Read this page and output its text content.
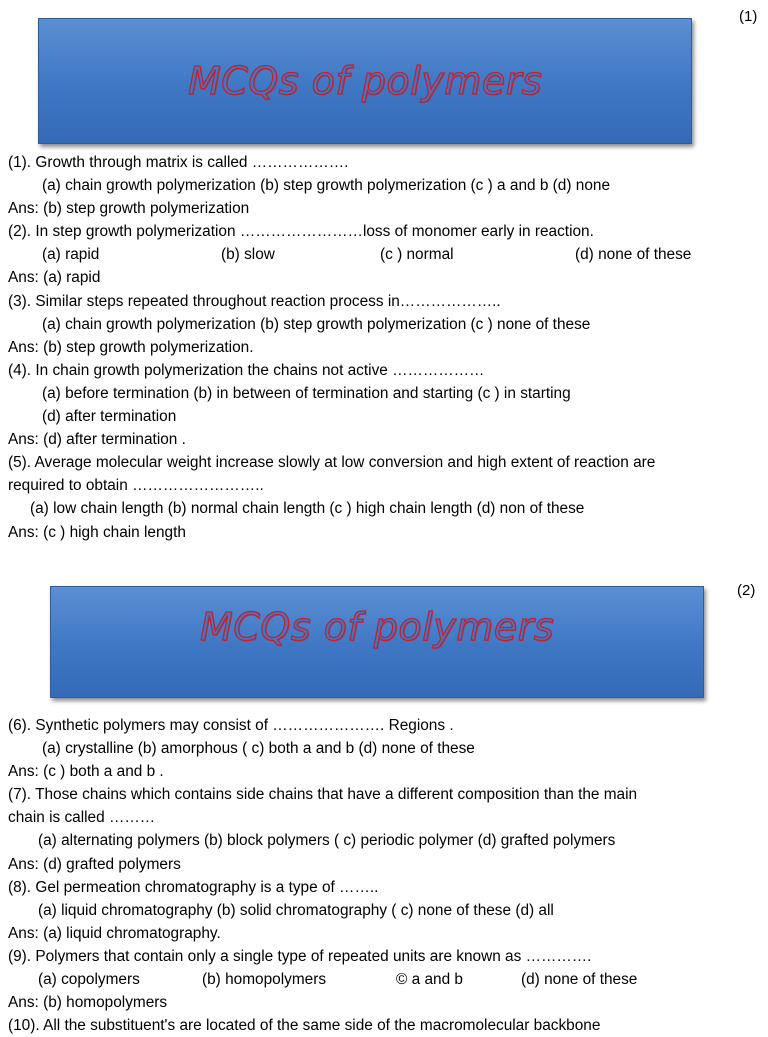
(1)
MCQs of polymers
(1). Growth through matrix is called ……………….
(a) chain growth polymerization (b) step growth polymerization (c ) a and b (d) none
Ans: (b) step growth polymerization
(2). In step growth polymerization ……………………loss of monomer early in reaction.
(a) rapid	(b) slow	(c ) normal	(d) none of these
Ans: (a) rapid
(3). Similar steps repeated throughout reaction process in………………..
(a) chain growth polymerization (b) step growth polymerization (c ) none of these
Ans: (b) step growth polymerization.
(4). In chain growth polymerization the chains not active ………………
(a) before termination (b) in between of termination and starting (c ) in starting
(d) after termination
Ans: (d) after termination .
(5). Average molecular weight increase slowly at low conversion and high extent of reaction are
required to obtain ……………………..
(a) low chain length (b) normal chain length (c ) high chain length (d) non of these
Ans: (c ) high chain length
(2)
MCQs of polymers
(6). Synthetic polymers may consist of …………………. Regions .
(a) crystalline (b) amorphous ( c) both a and b (d) none of these
Ans: (c ) both a and b .
(7). Those chains which contains side chains that have a different composition than the main
chain is called ………
(a) alternating polymers (b) block polymers ( c) periodic polymer (d) grafted polymers
Ans: (d) grafted polymers
(8). Gel permeation chromatography is a type of ……..
(a) liquid chromatography (b) solid chromatography ( c) none of these (d) all
Ans: (a) liquid chromatography.
(9). Polymers that contain only a single type of repeated units are known as ………….
(a) copolymers	(b) homopolymers	© a and b	(d) none of these
Ans: (b) homopolymers
(10). All the substituent's are located of the same side of the macromolecular backbone
